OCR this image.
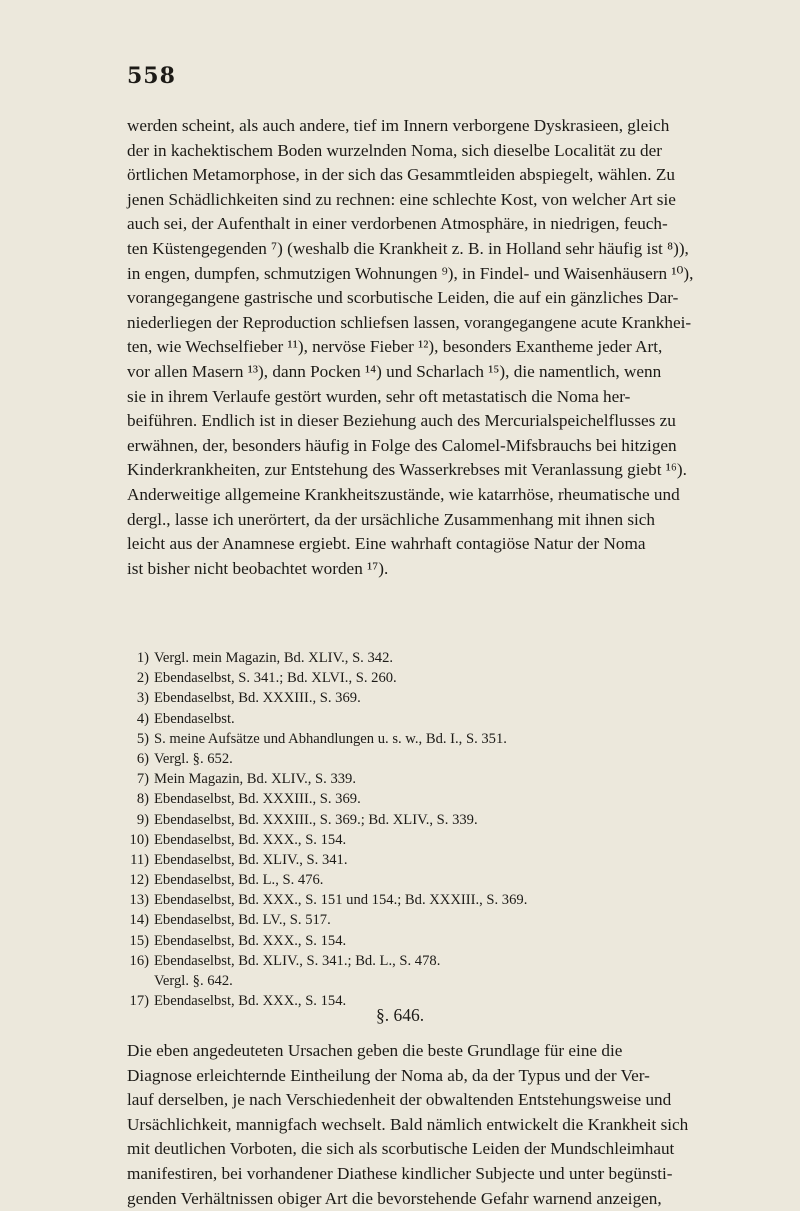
558
werden scheint, als auch andere, tief im Innern verborgene Dyskrasieen, gleich
der in kachektischem Boden wurzelnden Noma, sich dieselbe Localität zu der
örtlichen Metamorphose, in der sich das Gesammtleiden abspiegelt, wählen. Zu
jenen Schädlichkeiten sind zu rechnen: eine schlechte Kost, von welcher Art sie
auch sei, der Aufenthalt in einer verdorbenen Atmosphäre, in niedrigen, feuch-
ten Küstengegenden ⁷) (weshalb die Krankheit z. B. in Holland sehr häufig ist ⁸)),
in engen, dumpfen, schmutzigen Wohnungen ⁹), in Findel- und Waisenhäusern ¹⁰),
vorangegangene gastrische und scorbutische Leiden, die auf ein gänzliches Dar-
niederliegen der Reproduction schliefsen lassen, vorangegangene acute Krankhei-
ten, wie Wechselfieber ¹¹), nervöse Fieber ¹²), besonders Exantheme jeder Art,
vor allen Masern ¹³), dann Pocken ¹⁴) und Scharlach ¹⁵), die namentlich, wenn
sie in ihrem Verlaufe gestört wurden, sehr oft metastatisch die Noma her-
beiführen. Endlich ist in dieser Beziehung auch des Mercurialspeichelflusses zu
erwähnen, der, besonders häufig in Folge des Calomel-Mifsbrauchs bei hitzigen
Kinderkrankheiten, zur Entstehung des Wasserkrebses mit Veranlassung giebt ¹⁶).
Anderweitige allgemeine Krankheitszustände, wie katarrhöse, rheumatische und
dergl., lasse ich unerörtert, da der ursächliche Zusammenhang mit ihnen sich
leicht aus der Anamnese ergiebt. Eine wahrhaft contagiöse Natur der Noma
ist bisher nicht beobachtet worden ¹⁷).
1) Vergl. mein Magazin, Bd. XLIV., S. 342.
2) Ebendaselbst, S. 341.; Bd. XLVI., S. 260.
3) Ebendaselbst, Bd. XXXIII., S. 369.
4) Ebendaselbst.
5) S. meine Aufsätze und Abhandlungen u. s. w., Bd. I., S. 351.
6) Vergl. §. 652.
7) Mein Magazin, Bd. XLIV., S. 339.
8) Ebendaselbst, Bd. XXXIII., S. 369.
9) Ebendaselbst, Bd. XXXIII., S. 369.; Bd. XLIV., S. 339.
10) Ebendaselbst, Bd. XXX., S. 154.
11) Ebendaselbst, Bd. XLIV., S. 341.
12) Ebendaselbst, Bd. L., S. 476.
13) Ebendaselbst, Bd. XXX., S. 151 und 154.; Bd. XXXIII., S. 369.
14) Ebendaselbst, Bd. LV., S. 517.
15) Ebendaselbst, Bd. XXX., S. 154.
16) Ebendaselbst, Bd. XLIV., S. 341.; Bd. L., S. 478.
Vergl. §. 642.
17) Ebendaselbst, Bd. XXX., S. 154.
§. 646.
Die eben angedeuteten Ursachen geben die beste Grundlage für eine die
Diagnose erleichternde Eintheilung der Noma ab, da der Typus und der Ver-
lauf derselben, je nach Verschiedenheit der obwaltenden Entstehungsweise und
Ursächlichkeit, mannigfach wechselt. Bald nämlich entwickelt die Krankheit sich
mit deutlichen Vorboten, die sich als scorbutische Leiden der Mundschleimhaut
manifestiren, bei vorhandener Diathese kindlicher Subjecte und unter begünsti-
genden Verhältnissen obiger Art die bevorstehende Gefahr warnend anzeigen,
